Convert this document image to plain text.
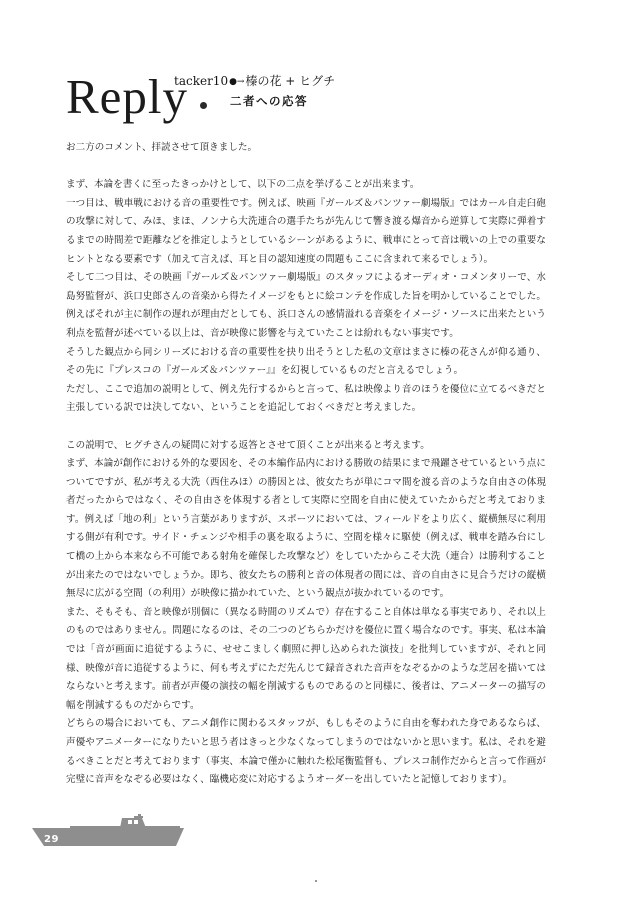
Reply
tacker10●→榛の花 + ヒグチ
二者への応答

お二方のコメント、拝読させて頂きました。

まず、本論を書くに至ったきっかけとして、以下の二点を挙げることが出来ます。

一つ目は、戦車戦における音の重要性です。例えば、映画『ガールズ＆パンツァー劇場版』ではカール自走臼砲の攻撃に対して、みほ、まほ、ノンナら大洗連合の選手たちが先んじて響き渡る爆音から逆算して実際に弾着するまでの時間差で距離などを推定しようとしているシーンがあるように、戦車にとって音は戦いの上での重要なヒントとなる要素です（加えて言えば、耳と目の認知速度の問題もここに含まれて来るでしょう）。

そして二つ目は、その映画『ガールズ＆パンツァー劇場版』のスタッフによるオーディオ・コメンタリーで、水島努監督が、浜口史郎さんの音楽から得たイメージをもとに絵コンテを作成した旨を明かしていることでした。例えばそれが主に制作の遅れが理由だとしても、浜口さんの感情溢れる音楽をイメージ・ソースに出来たという利点を監督が述べている以上は、音が映像に影響を与えていたことは紛れもない事実です。

そうした観点から同シリーズにおける音の重要性を抉り出そうとした私の文章はまさに榛の花さんが仰る通り、その先に『プレスコの『ガールズ＆パンツァー』』を幻視しているものだと言えるでしょう。

ただし、ここで追加の説明として、例え先行するからと言って、私は映像より音のほうを優位に立てるべきだと主張している訳では決してない、ということを追記しておくべきだと考えました。

この説明で、ヒグチさんの疑問に対する返答とさせて頂くことが出来ると考えます。

まず、本論が創作における外的な要因を、その本編作品内における勝敗の結果にまで飛躍させているという点についてですが、私が考える大洗（西住みほ）の勝因とは、彼女たちが単にコマ間を渡る音のような自由さの体現者だったからではなく、その自由さを体現する者として実際に空間を自由に使えていたからだと考えております。例えば「地の利」という言葉がありますが、スポーツにおいては、フィールドをより広く、縦横無尽に利用する側が有利です。サイド・チェンジや相手の裏を取るように、空間を様々に駆使（例えば、戦車を踏み台にして橋の上から本来なら不可能である射角を確保した攻撃など）をしていたからこそ大洗（連合）は勝利することが出来たのではないでしょうか。即ち、彼女たちの勝利と音の体現者の間には、音の自由さに見合うだけの縦横無尽に広がる空間（の利用）が映像に描かれていた、という観点が抜かれているのです。

また、そもそも、音と映像が別個に（異なる時間のリズムで）存在すること自体は単なる事実であり、それ以上のものではありません。問題になるのは、その二つのどちらかだけを優位に置く場合なのです。事実、私は本論では「音が画面に追従するように、せせこましく劇照に押し込められた演技」を批判していますが、それと同様、映像が音に追従するように、何も考えずにただ先んじて録音された音声をなぞるかのような芝居を描いてはならないと考えます。前者が声優の演技の幅を削減するものであるのと同様に、後者は、アニメーターの描写の幅を削減するものだからです。

どちらの場合においても、アニメ創作に関わるスタッフが、もしもそのように自由を奪われた身であるならば、声優やアニメーターになりたいと思う者はきっと少なくなってしまうのではないかと思います。私は、それを避るべきことだと考えております（事実、本論で僅かに触れた松尾衡監督も、プレスコ制作だからと言って作画が完璧に音声をなぞる必要はなく、臨機応変に対応するようオーダーを出していたと記憶しております）。

29
